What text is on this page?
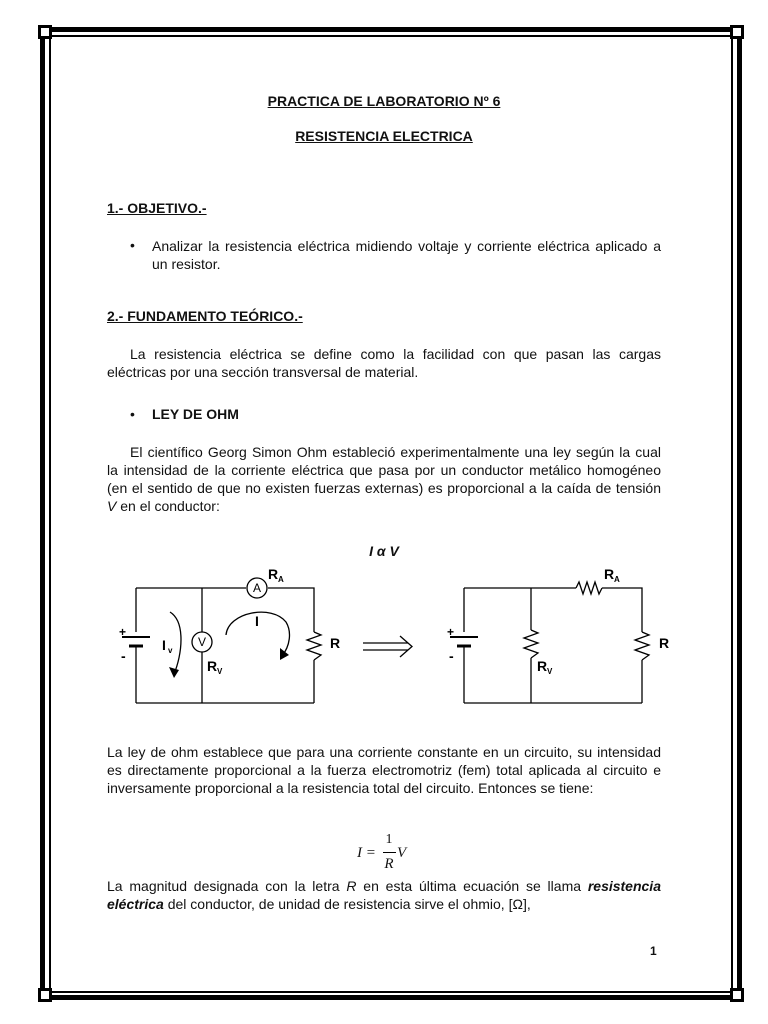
PRACTICA DE LABORATORIO Nº 6
RESISTENCIA ELECTRICA
1.- OBJETIVO.-
• Analizar la resistencia eléctrica midiendo voltaje y corriente eléctrica aplicado a un resistor.
2.- FUNDAMENTO TEÓRICO.-
La resistencia eléctrica se define como la facilidad con que pasan las cargas eléctricas por una sección transversal de material.
• LEY DE OHM
El científico Georg Simon Ohm estableció experimentalmente una ley según la cual la intensidad de la corriente eléctrica que pasa por un conductor metálico homogéneo (en el sentido de que no existen fuerzas externas) es proporcional a la caída de tensión V en el conductor:
I α V
A
V
+
-
+
-
R A	R A
R	R
R V	R V
I v
I
La ley de ohm establece que para una corriente constante en un circuito, su intensidad es directamente proporcional a la fuerza electromotriz (fem) total aplicada al circuito e inversamente proporcional a la resistencia total del circuito. Entonces se tiene:
I =
1
R
V
La magnitud designada con la letra R en esta última ecuación se llama resistencia eléctrica del conductor, de unidad de resistencia sirve el ohmio, [Ω],
1
